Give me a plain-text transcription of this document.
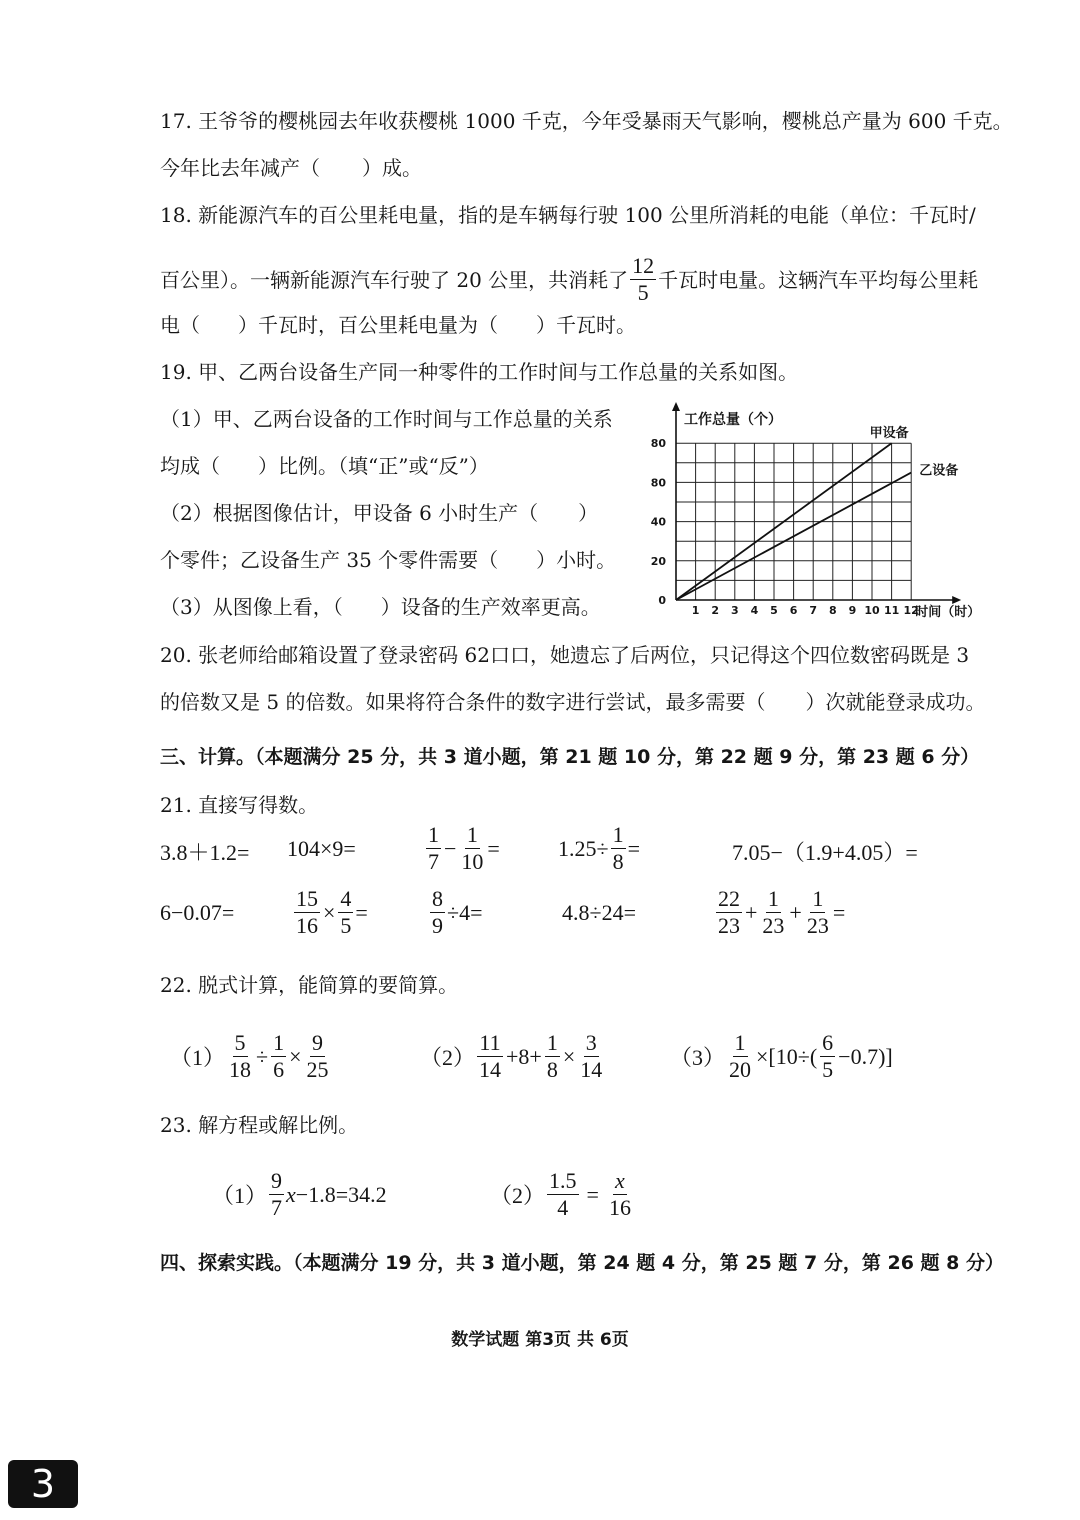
17. 王爷爷的樱桃园去年收获樱桃 1000 千克，今年受暴雨天气影响，樱桃总产量为 600 千克。
今年比去年减产（ ）成。
18. 新能源汽车的百公里耗电量，指的是车辆每行驶 100 公里所消耗的电能（单位：千瓦时/
百公里）。一辆新能源汽车行驶了 20 公里，共消耗了 $\frac{12}{5}$ 千瓦时电量。这辆汽车平均每公里耗
电（ ）千瓦时，百公里耗电量为（ ）千瓦时。
19. 甲、乙两台设备生产同一种零件的工作时间与工作总量的关系如图。
（1）甲、乙两台设备的工作时间与工作总量的关系
均成（ ）比例。（填“正”或“反”）
（2）根据图像估计，甲设备 6 小时生产（ ）
个零件；乙设备生产 35 个零件需要（ ）小时。
（3）从图像上看，（ ）设备的生产效率更高。
甲设备
乙设备
1 2 3 4 5 6 7 8 9 10 11 12
0
20
40
80
80
工作总量（个）
时间（时）
20. 张老师给邮箱设置了登录密码 62口口，她遗忘了后两位，只记得这个四位数密码既是 3
的倍数又是 5 的倍数。如果将符合条件的数字进行尝试，最多需要（ ）次就能登录成功。
三、计算。（本题满分 25 分，共 3 道小题，第 21 题 10 分，第 22 题 9 分，第 23 题 6 分）
21. 直接写得数。
3.8＋1.2= 104×9=	$\frac{1}{7} - \frac{1}{10}$ =	$1.25\div \frac{1}{8}$ =	7.05−（1.9+4.05）=
6−0.07=	$\frac{15}{16} \times \frac{4}{5}$ =	$\frac{8}{9} \div 4=$	4.8÷24=	$\frac{22}{23} + \frac{1}{23} + \frac{1}{23}$ =
22. 脱式计算，能简算的要简算。
$(1) \frac{5}{18} \div \frac{1}{6} \times \frac{9}{25}$	$(2) \frac{11}{14} +8+ \frac{1}{8} \times \frac{3}{14}$	$(3) \frac{1}{20} \times[10\div( \frac{6}{5} -0.7)]$
23. 解方程或解比例。
$(1) \frac{9}{7}$ x −1.8=34.2	$(2) \frac{1.5}{4} = \frac{x}{16}$
四、探索实践。（本题满分 19 分，共 3 道小题，第 24 题 4 分，第 25 题 7 分，第 26 题 8 分）
数学试题 第3页 共 6页
3
